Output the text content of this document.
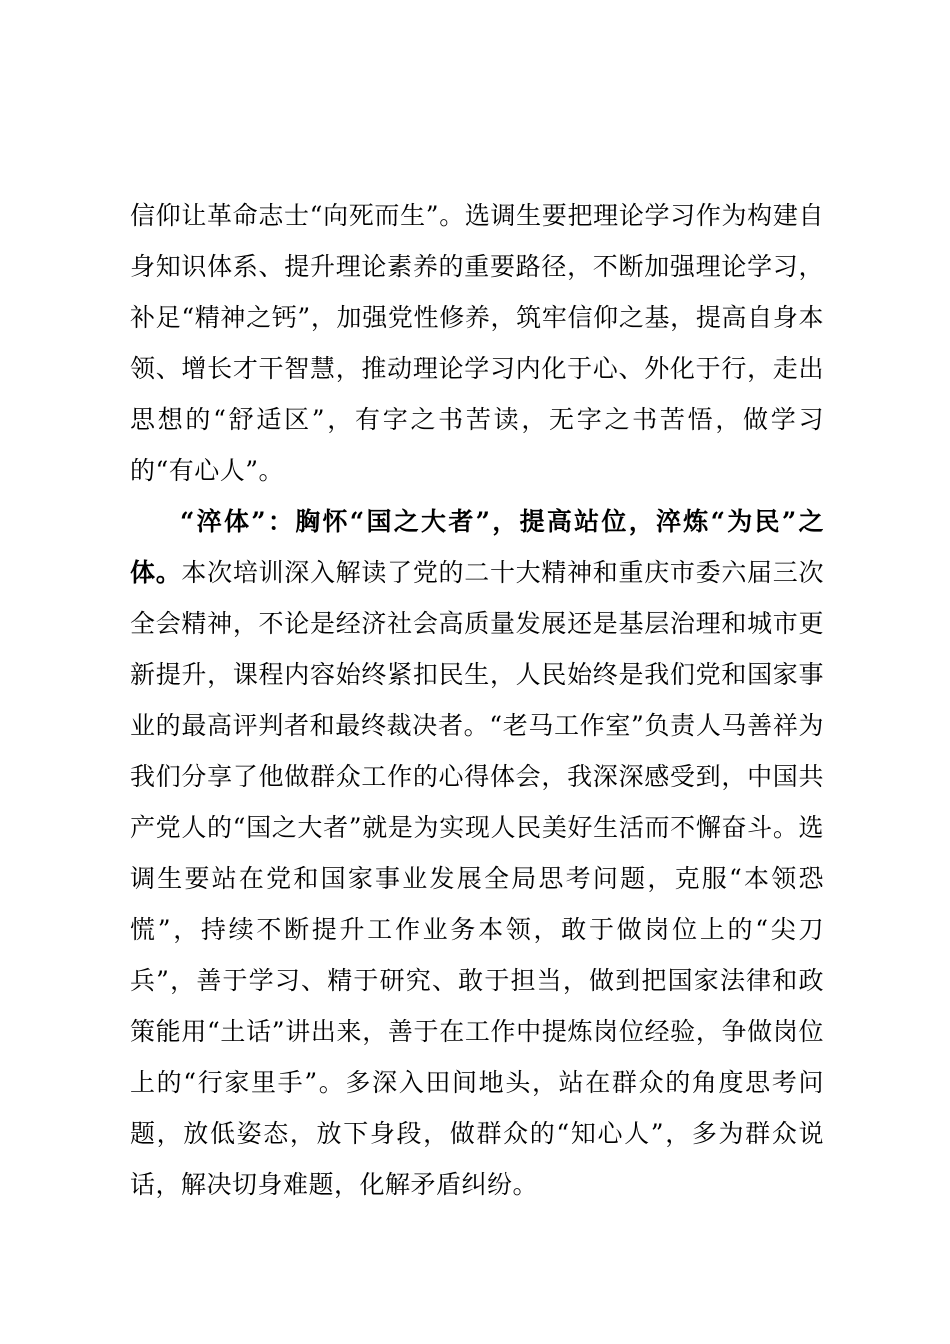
信仰让革命志士“向死而生”。选调生要把理论学习作为构建自身知识体系、提升理论素养的重要路径，不断加强理论学习，补足“精神之钙”，加强党性修养，筑牢信仰之基，提高自身本领、增长才干智慧，推动理论学习内化于心、外化于行，走出思想的“舒适区”，有字之书苦读，无字之书苦悟，做学习的“有心人”。

“淬体”：胸怀“国之大者”，提高站位，淬炼“为民”之体。本次培训深入解读了党的二十大精神和重庆市委六届三次全会精神，不论是经济社会高质量发展还是基层治理和城市更新提升，课程内容始终紧扣民生，人民始终是我们党和国家事业的最高评判者和最终裁决者。“老马工作室”负责人马善祥为我们分享了他做群众工作的心得体会，我深深感受到，中国共产党人的“国之大者”就是为实现人民美好生活而不懈奋斗。选调生要站在党和国家事业发展全局思考问题，克服“本领恐慌”，持续不断提升工作业务本领，敢于做岗位上的“尖刀兵”，善于学习、精于研究、敢于担当，做到把国家法律和政策能用“土话”讲出来，善于在工作中提炼岗位经验，争做岗位上的“行家里手”。多深入田间地头，站在群众的角度思考问题，放低姿态，放下身段，做群众的“知心人”，多为群众说话，解决切身难题，化解矛盾纠纷。
